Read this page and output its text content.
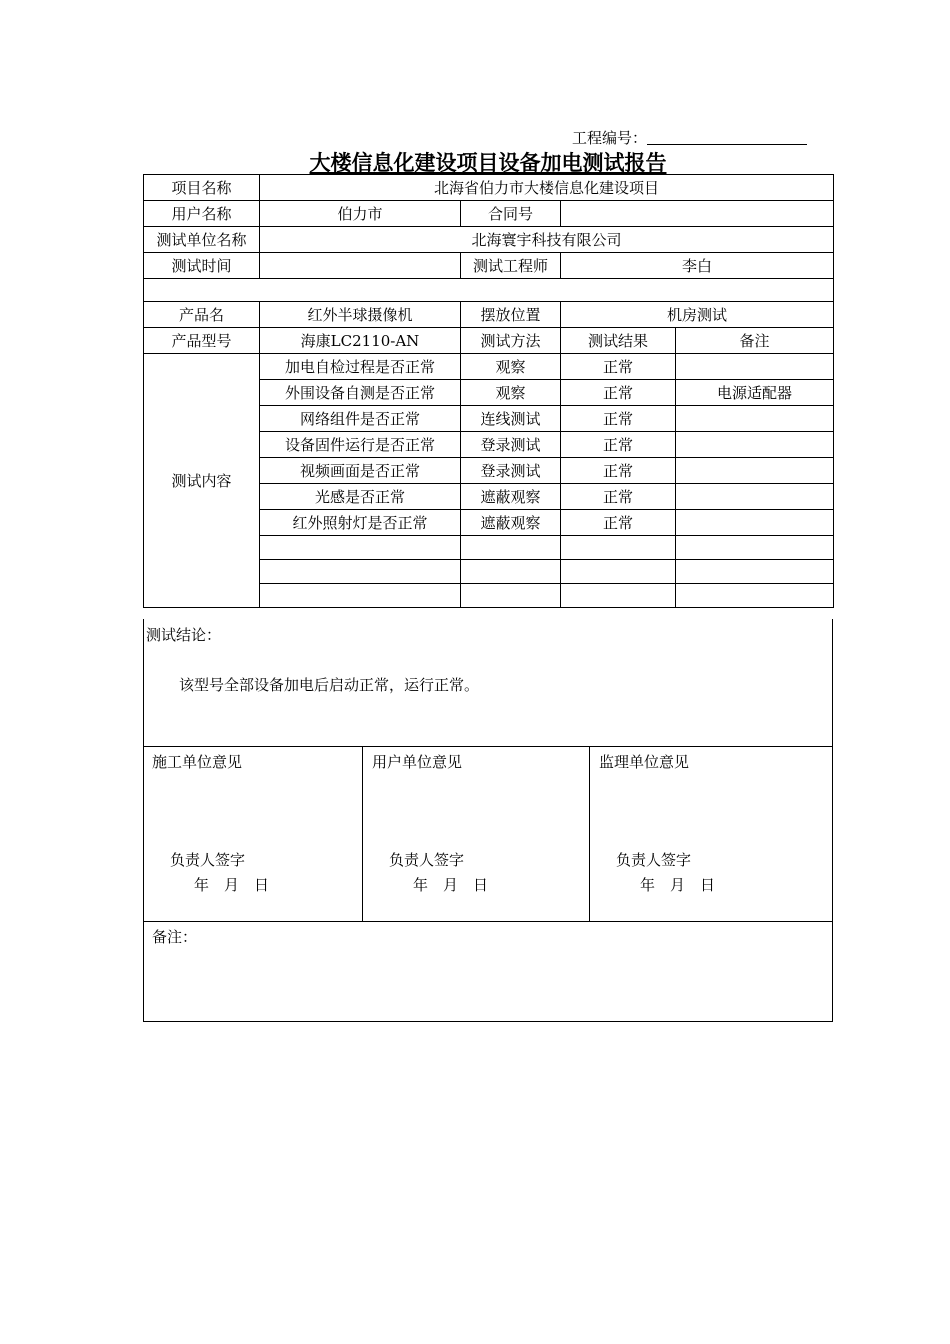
工程编号：
大楼信息化建设项目设备加电测试报告
项目名称	北海省伯力市大楼信息化建设项目			
用户名称	伯力市	合同号		
测试单位名称	北海寰宇科技有限公司			
测试时间		测试工程师	李白	

产品名	红外半球摄像机	摆放位置	机房测试	
产品型号	海康LC2110-AN	测试方法	测试结果	备注
测试内容	加电自检过程是否正常	观察	正常	
	外围设备自测是否正常	观察	正常	电源适配器
	网络组件是否正常	连线测试	正常	
	设备固件运行是否正常	登录测试	正常	
	视频画面是否正常	登录测试	正常	
	光感是否正常	遮蔽观察	正常	
	红外照射灯是否正常	遮蔽观察	正常	

测试结论：
该型号全部设备加电后启动正常，运行正常。
施工单位意见
负责人签字
年　月　日
用户单位意见
负责人签字
年　月　日
监理单位意见
负责人签字
年　月　日
备注：
